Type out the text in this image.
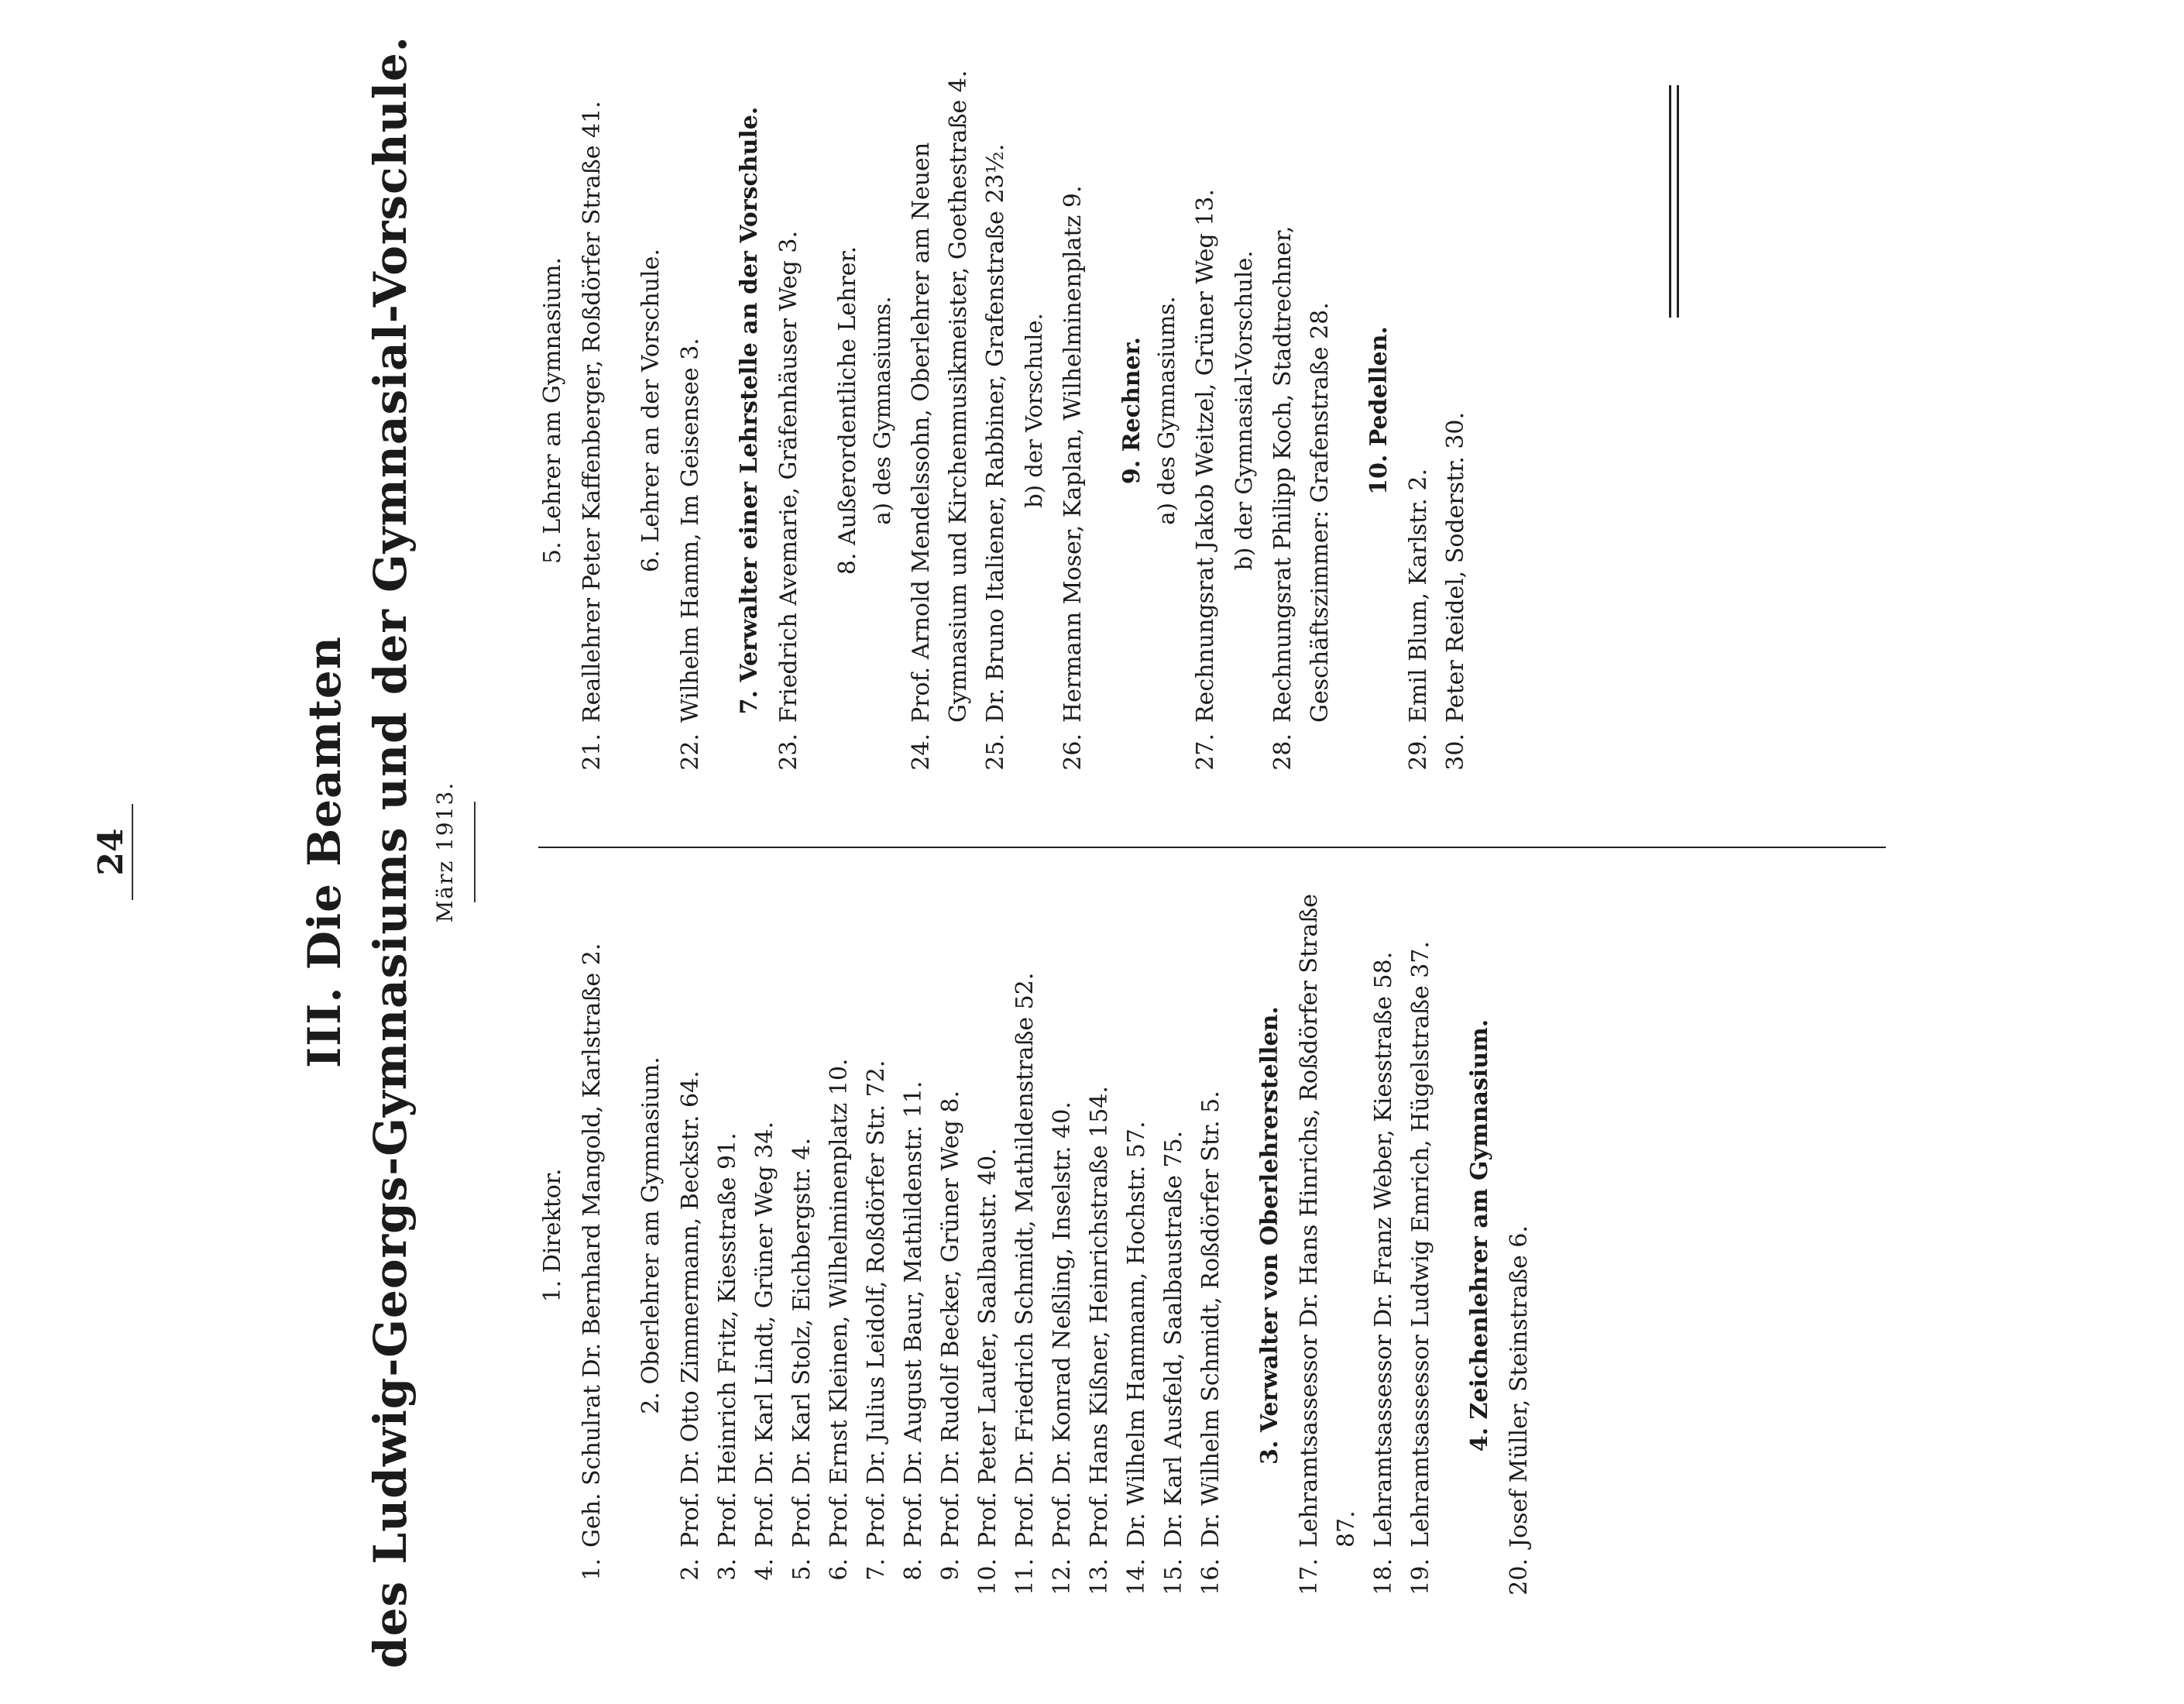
24	III. Die Beamten des Ludwig-Georgs-Gymnasiums und der Gymnasial-Vorschule. März 1913.
1. Direktor.
1.
Geh. Schulrat Dr. Bernhard Mangold, Karlstraße 2. 2. Oberlehrer am Gymnasium.
2.
Prof. Dr. Otto Zimmermann, Beckstr. 64.
3.
Prof. Heinrich Fritz, Kiesstraße 91.
4.
Prof. Dr. Karl Lindt, Grüner Weg 34.
5.
Prof. Dr. Karl Stolz, Eichbergstr. 4.
6.
Prof. Ernst Kleinen, Wilhelminenplatz 10.
7.
Prof. Dr. Julius Leidolf, Roßdörfer Str. 72.
8.
Prof. Dr. August Baur, Mathildenstr. 11.
9.
Prof. Dr. Rudolf Becker, Grüner Weg 8.
10.
Prof. Peter Laufer, Saalbaustr. 40.
11.
Prof. Dr. Friedrich Schmidt, Mathildenstraße 52.
12.
Prof. Dr. Konrad Neßling, Inselstr. 40.
13.
Prof. Hans Kißner, Heinrichstraße 154.
14.
Dr. Wilhelm Hammann, Hochstr. 57.
15.
Dr. Karl Ausfeld, Saalbaustraße 75.
16.
Dr. Wilhelm Schmidt, Roßdörfer Str. 5. 3. Verwalter von Oberlehrerstellen.
17.
Lehramtsassessor Dr. Hans Hinrichs, Roßdörfer Straße 87.
18.
Lehramtsassessor Dr. Franz Weber, Kiesstraße 58.
19.
Lehramtsassessor Ludwig Emrich, Hügelstraße 37. 4. Zeichenlehrer am Gymnasium.
20.
Josef Müller, Steinstraße 6.
5. Lehrer am Gymnasium.
21.
Reallehrer Peter Kaffenberger, Roßdörfer Straße 41. 6. Lehrer an der Vorschule.
22.
Wilhelm Hamm, Im Geisensee 3. 7. Verwalter einer Lehrstelle an der Vorschule.
23.
Friedrich Avemarie, Gräfenhäuser Weg 3. 8. Außerordentliche Lehrer. a) des Gymnasiums.
24.
Prof. Arnold Mendelssohn, Oberlehrer am Neuen Gymnasium und Kirchenmusikmeister, Goethestraße 4.
25.
Dr. Bruno Italiener, Rabbiner, Grafenstraße 23½. b) der Vorschule.
26.
Hermann Moser, Kaplan, Wilhelminenplatz 9. 9. Rechner. a) des Gymnasiums.
27.
Rechnungsrat Jakob Weitzel, Grüner Weg 13. b) der Gymnasial-Vorschule.
28.
Rechnungsrat Philipp Koch, Stadtrechner, Geschäftszimmer: Grafenstraße 28. 10. Pedellen.
29.
Emil Blum, Karlstr. 2.
30.
Peter Reidel, Soderstr. 30.
